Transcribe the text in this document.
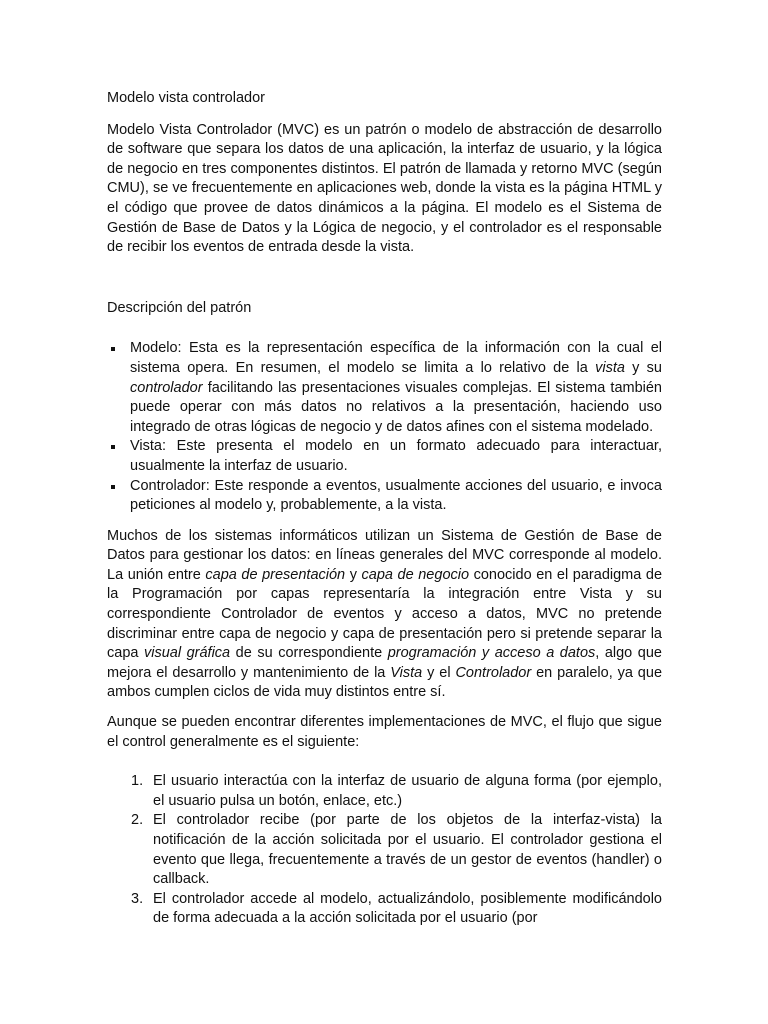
Modelo vista controlador

Modelo Vista Controlador (MVC) es un patrón o modelo de abstracción de desarrollo de software que separa los datos de una aplicación, la interfaz de usuario, y la lógica de negocio en tres componentes distintos. El patrón de llamada y retorno MVC (según CMU), se ve frecuentemente en aplicaciones web, donde la vista es la página HTML y el código que provee de datos dinámicos a la página. El modelo es el Sistema de Gestión de Base de Datos y la Lógica de negocio, y el controlador es el responsable de recibir los eventos de entrada desde la vista.

Descripción del patrón

Modelo: Esta es la representación específica de la información con la cual el sistema opera. En resumen, el modelo se limita a lo relativo de la vista y su controlador facilitando las presentaciones visuales complejas. El sistema también puede operar con más datos no relativos a la presentación, haciendo uso integrado de otras lógicas de negocio y de datos afines con el sistema modelado.
Vista: Este presenta el modelo en un formato adecuado para interactuar, usualmente la interfaz de usuario.
Controlador: Este responde a eventos, usualmente acciones del usuario, e invoca peticiones al modelo y, probablemente, a la vista.

Muchos de los sistemas informáticos utilizan un Sistema de Gestión de Base de Datos para gestionar los datos: en líneas generales del MVC corresponde al modelo. La unión entre capa de presentación y capa de negocio conocido en el paradigma de la Programación por capas representaría la integración entre Vista y su correspondiente Controlador de eventos y acceso a datos, MVC no pretende discriminar entre capa de negocio y capa de presentación pero si pretende separar la capa visual gráfica de su correspondiente programación y acceso a datos, algo que mejora el desarrollo y mantenimiento de la Vista y el Controlador en paralelo, ya que ambos cumplen ciclos de vida muy distintos entre sí.

Aunque se pueden encontrar diferentes implementaciones de MVC, el flujo que sigue el control generalmente es el siguiente:

1. El usuario interactúa con la interfaz de usuario de alguna forma (por ejemplo, el usuario pulsa un botón, enlace, etc.)
2. El controlador recibe (por parte de los objetos de la interfaz-vista) la notificación de la acción solicitada por el usuario. El controlador gestiona el evento que llega, frecuentemente a través de un gestor de eventos (handler) o callback.
3. El controlador accede al modelo, actualizándolo, posiblemente modificándolo de forma adecuada a la acción solicitada por el usuario (por
